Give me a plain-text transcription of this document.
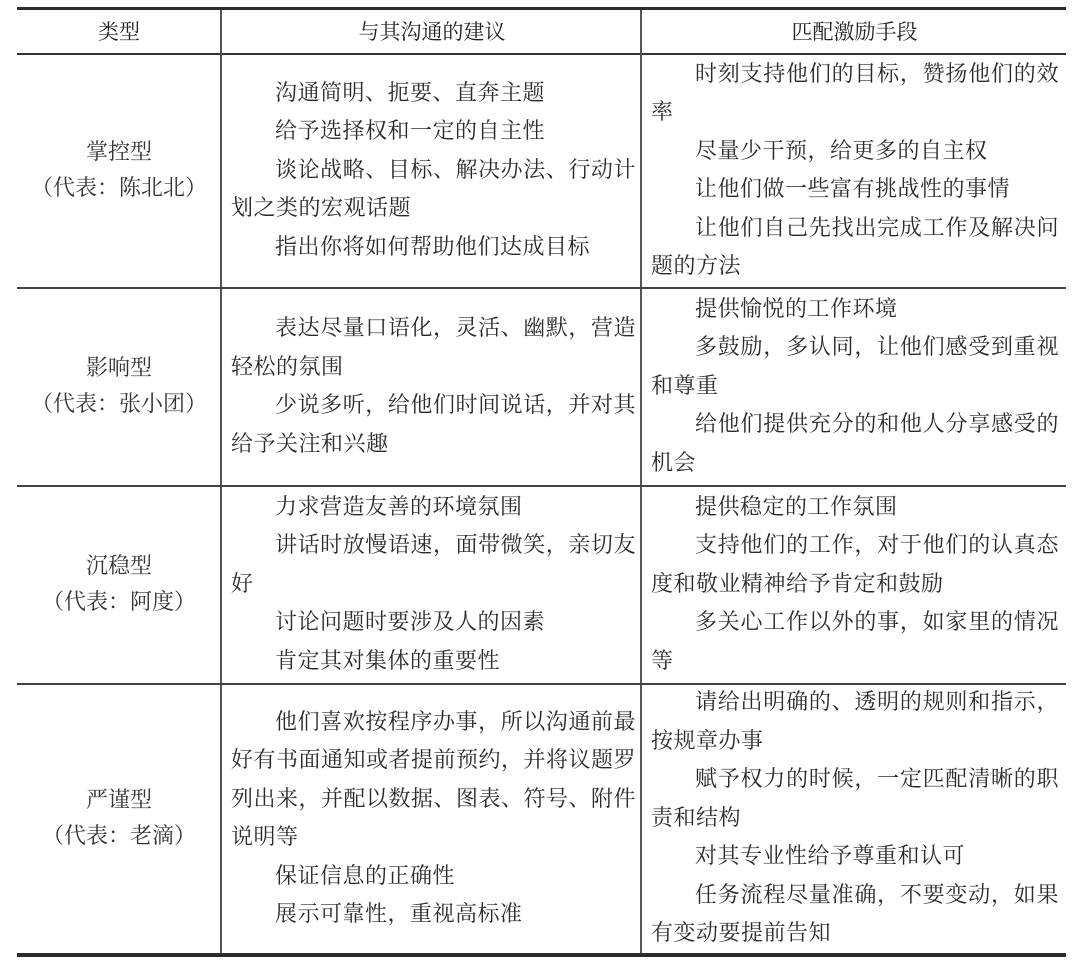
类型	与其沟通的建议	匹配激励手段
掌控型
（代表：陈北北）

沟通简明、扼要、直奔主题

给予选择权和一定的自主性

谈论战略、目标、解决办法、行动计划之类的宏观话题

指出你将如何帮助他们达成目标

时刻支持他们的目标，赞扬他们的效率

尽量少干预，给更多的自主权

让他们做一些富有挑战性的事情

让他们自己先找出完成工作及解决问题的方法

影响型
（代表：张小团）

表达尽量口语化，灵活、幽默，营造轻松的氛围

少说多听，给他们时间说话，并对其给予关注和兴趣

提供愉悦的工作环境

多鼓励，多认同，让他们感受到重视和尊重

给他们提供充分的和他人分享感受的机会

沉稳型
（代表：阿度）

力求营造友善的环境氛围

讲话时放慢语速，面带微笑，亲切友好

讨论问题时要涉及人的因素

肯定其对集体的重要性

提供稳定的工作氛围

支持他们的工作，对于他们的认真态度和敬业精神给予肯定和鼓励

多关心工作以外的事，如家里的情况等

严谨型
（代表：老滴）

他们喜欢按程序办事，所以沟通前最好有书面通知或者提前预约，并将议题罗列出来，并配以数据、图表、符号、附件说明等

保证信息的正确性

展示可靠性，重视高标准

请给出明确的、透明的规则和指示，按规章办事

赋予权力的时候，一定匹配清晰的职责和结构

对其专业性给予尊重和认可

任务流程尽量准确，不要变动，如果有变动要提前告知
